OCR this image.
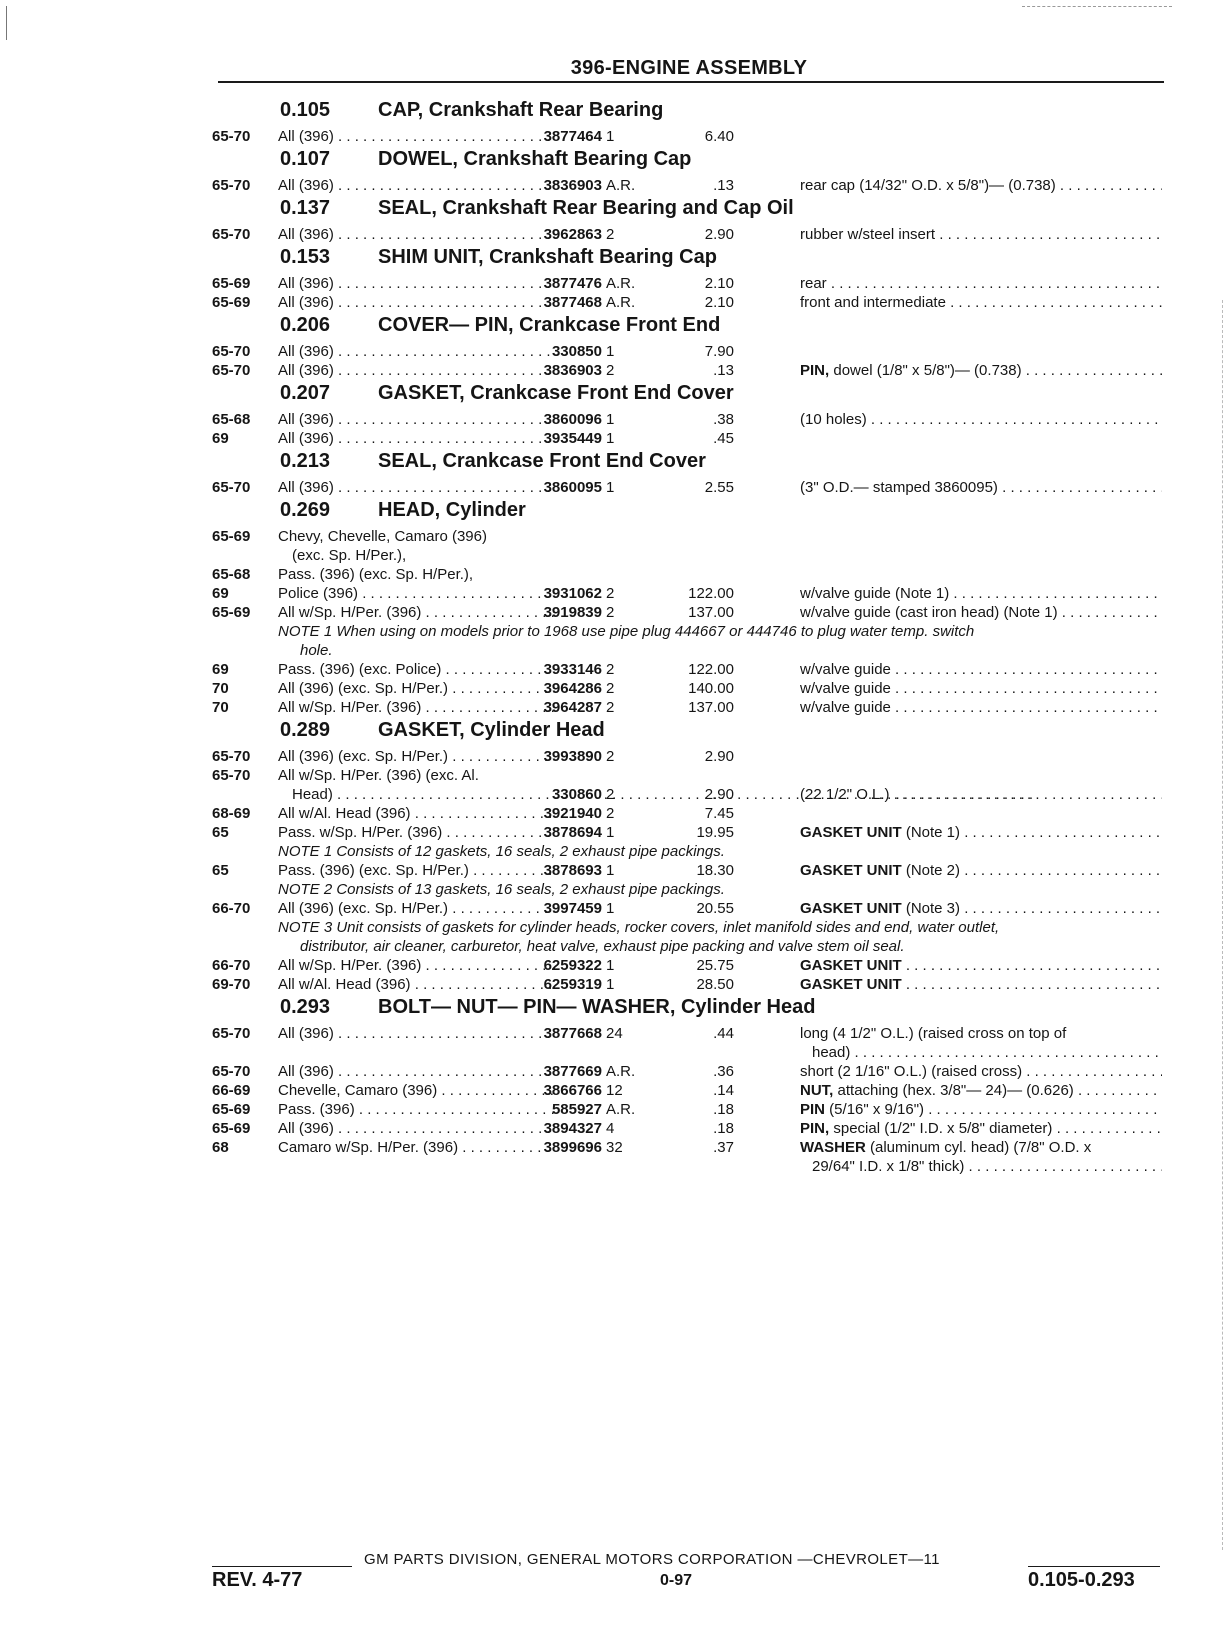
396-ENGINE ASSEMBLY
0.105 CAP, Crankshaft Rear Bearing
65-70 All (396) . . .	3877464 1	6.40
0.107 DOWEL, Crankshaft Bearing Cap
65-70 All (396) . . .	3836903 A.R.	.13	rear cap (14/32" O.D. x 5/8")— (0.738) . . .
0.137 SEAL, Crankshaft Rear Bearing and Cap Oil
65-70 All (396) . . .	3962863 2	2.90	rubber w/steel insert . . .
0.153 SHIM UNIT, Crankshaft Bearing Cap
65-69 All (396) . . .	3877476 A.R.	2.10	rear . . .
65-69 All (396) . . .	3877468 A.R.	2.10	front and intermediate . . .
0.206 COVER— PIN, Crankcase Front End
65-70 All (396) . . .	330850 1	7.90
65-70 All (396) . . .	3836903 2	.13	PIN, dowel (1/8" x 5/8")— (0.738) . . .
0.207 GASKET, Crankcase Front End Cover
65-68 All (396) . . .	3860096 1	.38	(10 holes) . . .
69	All (396) . . .	3935449 1	.45
0.213 SEAL, Crankcase Front End Cover
65-70 All (396) . . .	3860095 1	2.55	(3" O.D.— stamped 3860095) . . .
0.269 HEAD, Cylinder
65-69 Chevy, Chevelle, Camaro (396)
(exc. Sp. H/Per.),
65-68 Pass. (396) (exc. Sp. H/Per.),
69	Police (396) . . .	3931062 2	122.00	w/valve guide (Note 1) . . .
65-69 All w/Sp. H/Per. (396) . . .	3919839 2	137.00	w/valve guide (cast iron head) (Note 1) . . .
NOTE 1 When using on models prior to 1968 use pipe plug 444667 or 444746 to plug water temp. switch
hole.
69	Pass. (396) (exc. Police) . . .	3933146 2	122.00	w/valve guide . . .
70	All (396) (exc. Sp. H/Per.) . . .	3964286 2	140.00	w/valve guide . . .
70	All w/Sp. H/Per. (396) . . .	3964287 2	137.00	w/valve guide . . .
0.289 GASKET, Cylinder Head
65-70 All (396) (exc. Sp. H/Per.) . . .	3993890 2	2.90
65-70 All w/Sp. H/Per. (396) (exc. Al.
Head) . . .	330860 2	2.90	(22 1/2" O.L.) . . .
68-69 All w/Al. Head (396) . . .	3921940 2	7.45
65	Pass. w/Sp. H/Per. (396) . . .	3878694 1	19.95	GASKET UNIT (Note 1) . . .
NOTE 1 Consists of 12 gaskets, 16 seals, 2 exhaust pipe packings.
65	Pass. (396) (exc. Sp. H/Per.) . . .	3878693 1	18.30	GASKET UNIT (Note 2) . . .
NOTE 2 Consists of 13 gaskets, 16 seals, 2 exhaust pipe packings.
66-70 All (396) (exc. Sp. H/Per.) . . .	3997459 1	20.55	GASKET UNIT (Note 3) . . .
NOTE 3 Unit consists of gaskets for cylinder heads, rocker covers, inlet manifold sides and end, water outlet,
distributor, air cleaner, carburetor, heat valve, exhaust pipe packing and valve stem oil seal.
66-70 All w/Sp. H/Per. (396) . . .	6259322 1	25.75	GASKET UNIT . . .
69-70 All w/Al. Head (396) . . .	6259319 1	28.50	GASKET UNIT . . .
0.293 BOLT— NUT— PIN— WASHER, Cylinder Head
65-70 All (396) . . .	3877668 24	.44	long (4 1/2" O.L.) (raised cross on top of
head) . . .
65-70 All (396) . . .	3877669 A.R.	.36	short (2 1/16" O.L.) (raised cross) . . .
66-69 Chevelle, Camaro (396) . . .	3866766 12	.14	NUT, attaching (hex. 3/8"— 24)— (0.626) . . .
65-69 Pass. (396) . . .	585927 A.R.	.18	PIN (5/16" x 9/16") . . .
65-69 All (396) . . .	3894327 4	.18	PIN, special (1/2" I.D. x 5/8" diameter) . . .
68	Camaro w/Sp. H/Per. (396) . . .	3899696 32	.37	WASHER (aluminum cyl. head) (7/8" O.D. x
29/64" I.D. x 1/8" thick) . . .
GM PARTS DIVISION, GENERAL MOTORS CORPORATION —CHEVROLET—11
REV. 4-77	0-97	0.105-0.293
